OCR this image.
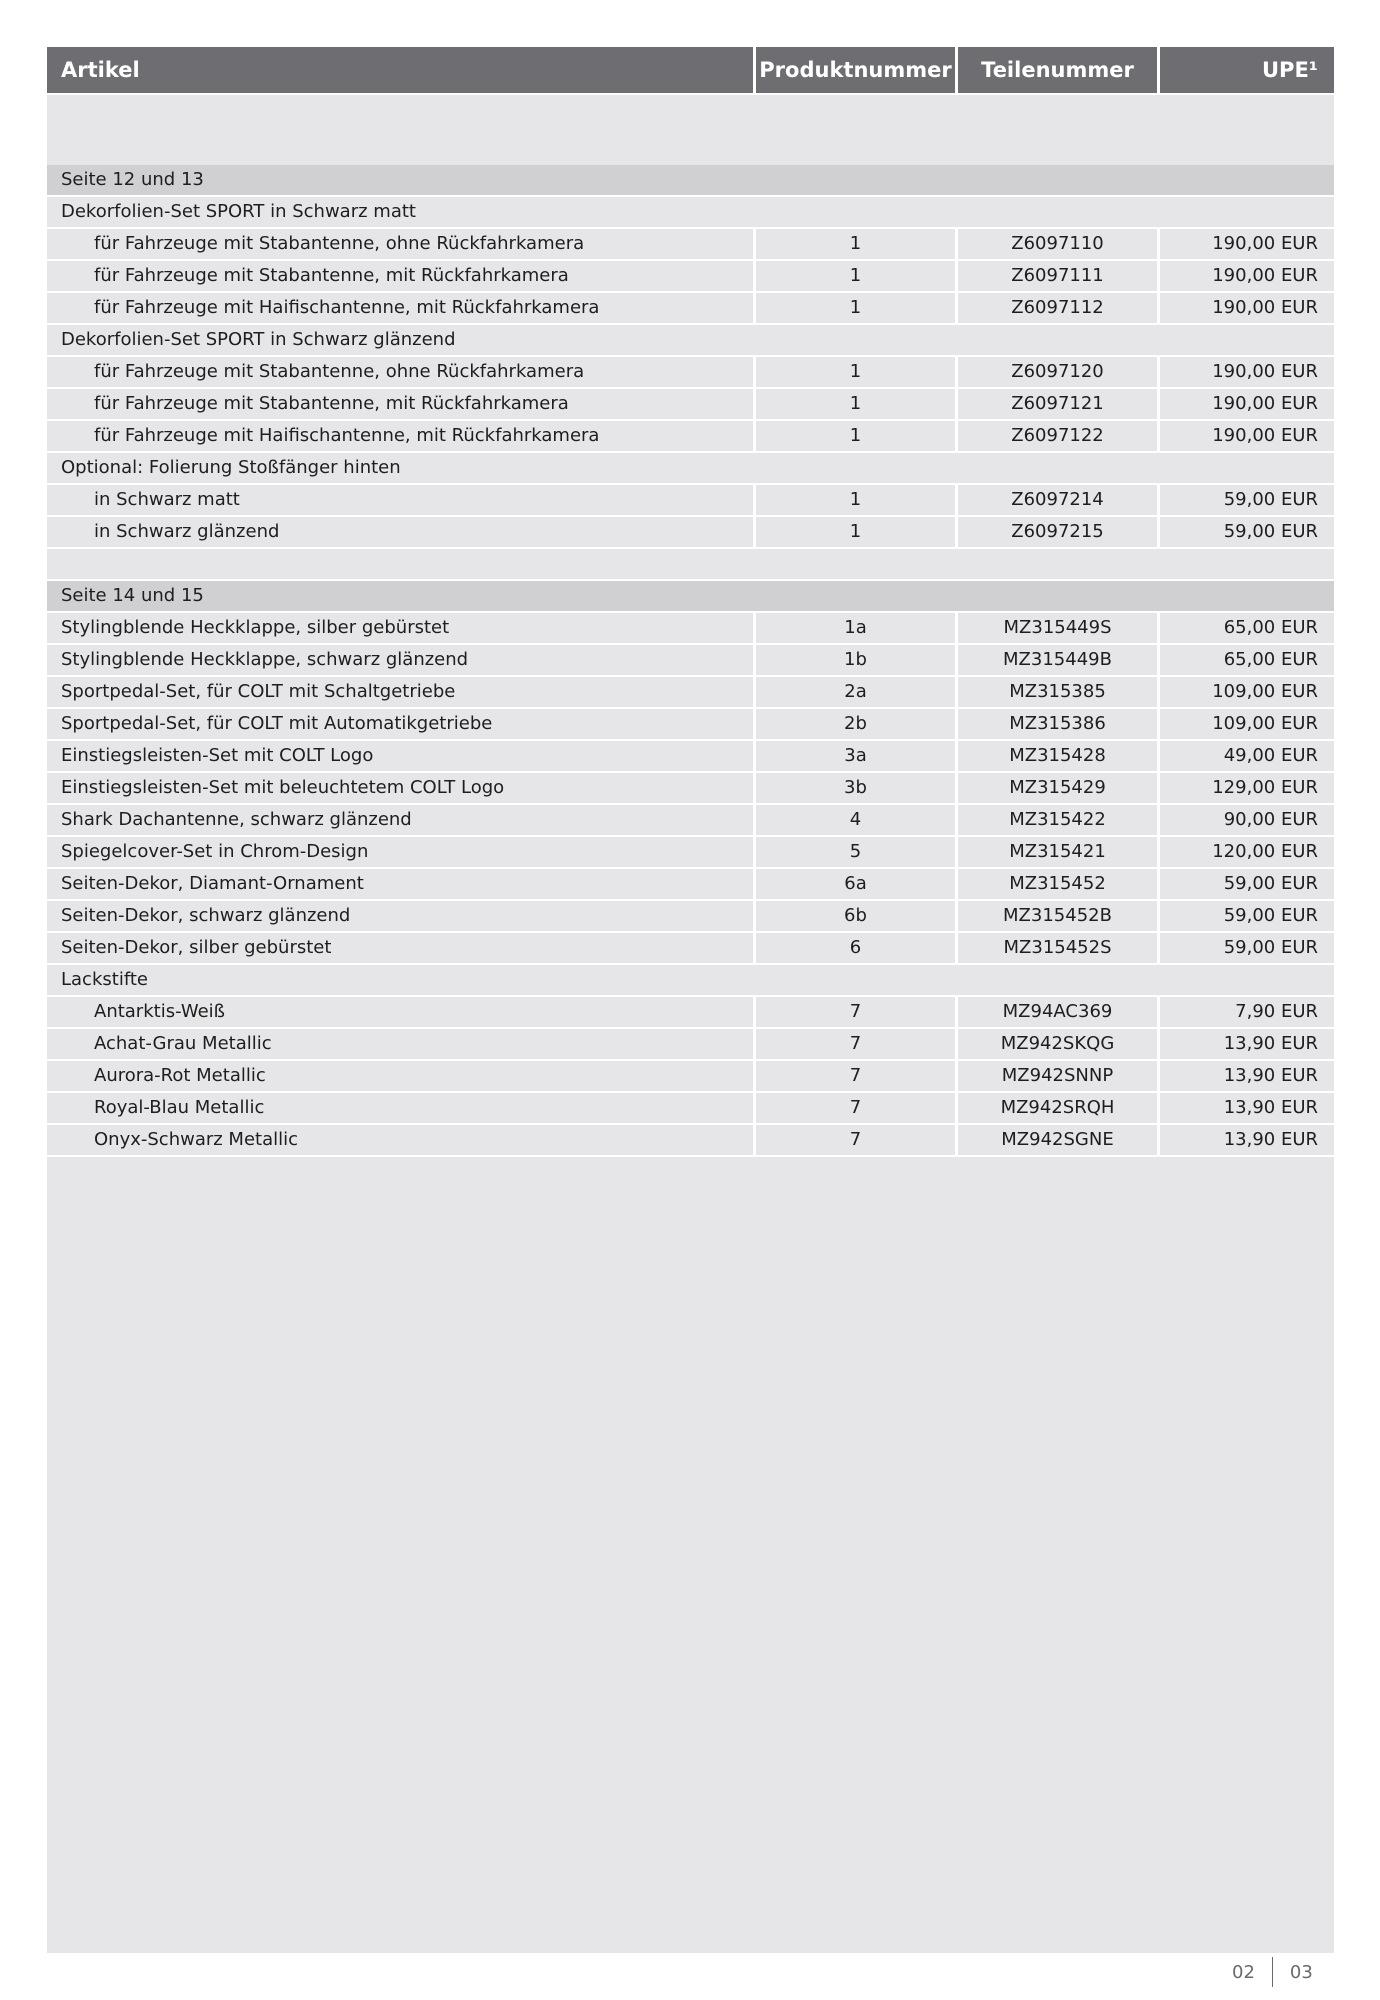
Artikel	Produktnummer	Teilenummer	UPE¹
Seite 12 und 13
Dekorfolien-Set SPORT in Schwarz matt
für Fahrzeuge mit Stabantenne, ohne Rückfahrkamera	1	Z6097110	190,00 EUR
für Fahrzeuge mit Stabantenne, mit Rückfahrkamera	1	Z6097111	190,00 EUR
für Fahrzeuge mit Haifischantenne, mit Rückfahrkamera	1	Z6097112	190,00 EUR
Dekorfolien-Set SPORT in Schwarz glänzend
für Fahrzeuge mit Stabantenne, ohne Rückfahrkamera	1	Z6097120	190,00 EUR
für Fahrzeuge mit Stabantenne, mit Rückfahrkamera	1	Z6097121	190,00 EUR
für Fahrzeuge mit Haifischantenne, mit Rückfahrkamera	1	Z6097122	190,00 EUR
Optional: Folierung Stoßfänger hinten
in Schwarz matt	1	Z6097214	59,00 EUR
in Schwarz glänzend	1	Z6097215	59,00 EUR
Seite 14 und 15
Stylingblende Heckklappe, silber gebürstet	1a	MZ315449S	65,00 EUR
Stylingblende Heckklappe, schwarz glänzend	1b	MZ315449B	65,00 EUR
Sportpedal-Set, für COLT mit Schaltgetriebe	2a	MZ315385	109,00 EUR
Sportpedal-Set, für COLT mit Automatikgetriebe	2b	MZ315386	109,00 EUR
Einstiegsleisten-Set mit COLT Logo	3a	MZ315428	49,00 EUR
Einstiegsleisten-Set mit beleuchtetem COLT Logo	3b	MZ315429	129,00 EUR
Shark Dachantenne, schwarz glänzend	4	MZ315422	90,00 EUR
Spiegelcover-Set in Chrom-Design	5	MZ315421	120,00 EUR
Seiten-Dekor, Diamant-Ornament	6a	MZ315452	59,00 EUR
Seiten-Dekor, schwarz glänzend	6b	MZ315452B	59,00 EUR
Seiten-Dekor, silber gebürstet	6	MZ315452S	59,00 EUR
Lackstifte
Antarktis-Weiß	7	MZ94AC369	7,90 EUR
Achat-Grau Metallic	7	MZ942SKQG	13,90 EUR
Aurora-Rot Metallic	7	MZ942SNNP	13,90 EUR
Royal-Blau Metallic	7	MZ942SRQH	13,90 EUR
Onyx-Schwarz Metallic	7	MZ942SGNE	13,90 EUR
02 03
